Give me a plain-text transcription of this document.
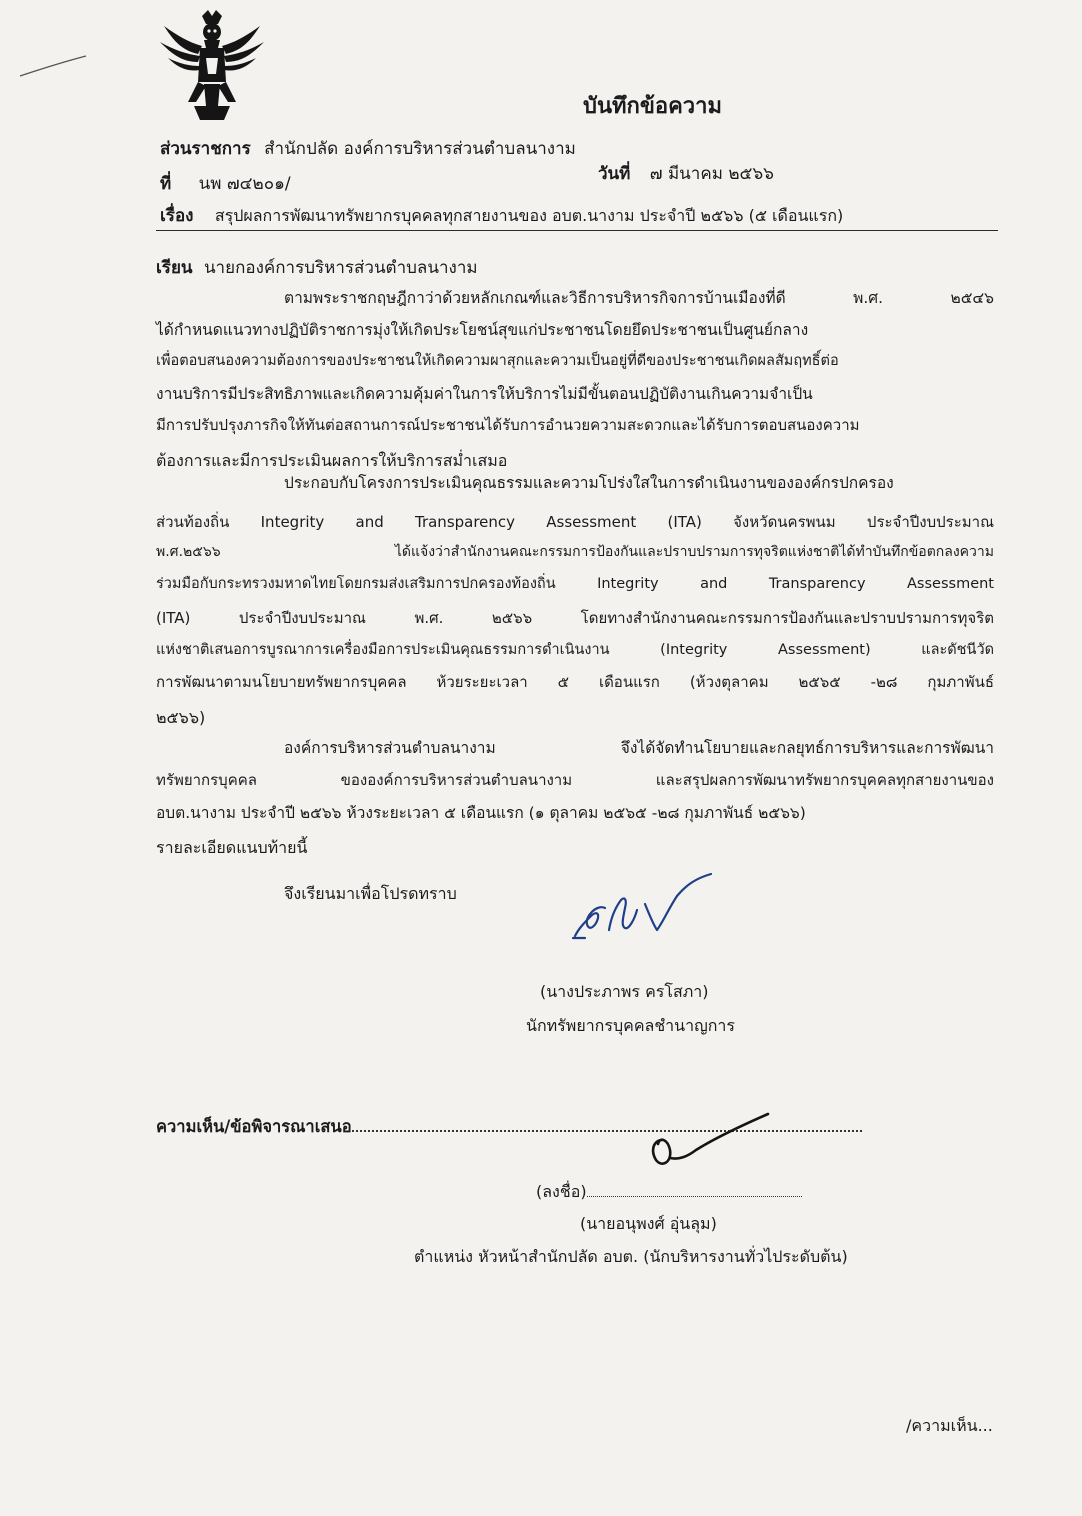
บันทึกข้อความ
ส่วนราชการ สำนักปลัด องค์การบริหารส่วนตำบลนางาม
ที่ นพ ๗๔๒๐๑/	วันที่ ๗ มีนาคม ๒๕๖๖
เรื่อง สรุปผลการพัฒนาทรัพยากรบุคคลทุกสายงานของ อบต.นางาม ประจำปี ๒๕๖๖ (๕ เดือนแรก)
เรียน นายกองค์การบริหารส่วนตำบลนางาม
ตามพระราชกฤษฎีกาว่าด้วยหลักเกณฑ์และวิธีการบริหารกิจการบ้านเมืองที่ดี พ.ศ. ๒๕๔๖
ได้กำหนดแนวทางปฏิบัติราชการมุ่งให้เกิดประโยชน์สุขแก่ประชาชนโดยยึดประชาชนเป็นศูนย์กลาง
เพื่อตอบสนองความต้องการของประชาชนให้เกิดความผาสุกและความเป็นอยู่ที่ดีของประชาชนเกิดผลสัมฤทธิ์ต่อ
งานบริการมีประสิทธิภาพและเกิดความคุ้มค่าในการให้บริการไม่มีขั้นตอนปฏิบัติงานเกินความจำเป็น
มีการปรับปรุงภารกิจให้ทันต่อสถานการณ์ประชาชนได้รับการอำนวยความสะดวกและได้รับการตอบสนองความ
ต้องการและมีการประเมินผลการให้บริการสม่ำเสมอ
ประกอบกับโครงการประเมินคุณธรรมและความโปร่งใสในการดำเนินงานขององค์กรปกครอง
ส่วนท้องถิ่น Integrity and Transparency Assessment (ITA) จังหวัดนครพนม ประจำปีงบประมาณ
พ.ศ.๒๕๖๖ ได้แจ้งว่าสำนักงานคณะกรรมการป้องกันและปราบปรามการทุจริตแห่งชาติได้ทำบันทึกข้อตกลงความ
ร่วมมือกับกระทรวงมหาดไทยโดยกรมส่งเสริมการปกครองท้องถิ่น Integrity and Transparency Assessment
(ITA) ประจำปีงบประมาณ พ.ศ. ๒๕๖๖ โดยทางสำนักงานคณะกรรมการป้องกันและปราบปรามการทุจริต
แห่งชาติเสนอการบูรณาการเครื่องมือการประเมินคุณธรรมการดำเนินงาน (Integrity Assessment) และดัชนีวัด
การพัฒนาตามนโยบายทรัพยากรบุคคล ห้วยระยะเวลา ๕ เดือนแรก (ห้วงตุลาคม ๒๕๖๕ -๒๘ กุมภาพันธ์
๒๕๖๖)
องค์การบริหารส่วนตำบลนางาม จึงได้จัดทำนโยบายและกลยุทธ์การบริหารและการพัฒนา
ทรัพยากรบุคคล ขององค์การบริหารส่วนตำบลนางาม และสรุปผลการพัฒนาทรัพยากรบุคคลทุกสายงานของ
อบต.นางาม ประจำปี ๒๕๖๖ ห้วงระยะเวลา ๕ เดือนแรก (๑ ตุลาคม ๒๕๖๕ -๒๘ กุมภาพันธ์ ๒๕๖๖)
รายละเอียดแนบท้ายนี้
จึงเรียนมาเพื่อโปรดทราบ
(นางประภาพร ครโสภา)
นักทรัพยากรบุคคลชำนาญการ
ความเห็น/ข้อพิจารณาเสนอ
(ลงชื่อ)
(นายอนุพงศ์ อุ่นลุม)
ตำแหน่ง หัวหน้าสำนักปลัด อบต. (นักบริหารงานทั่วไประดับต้น)
/ความเห็น...
